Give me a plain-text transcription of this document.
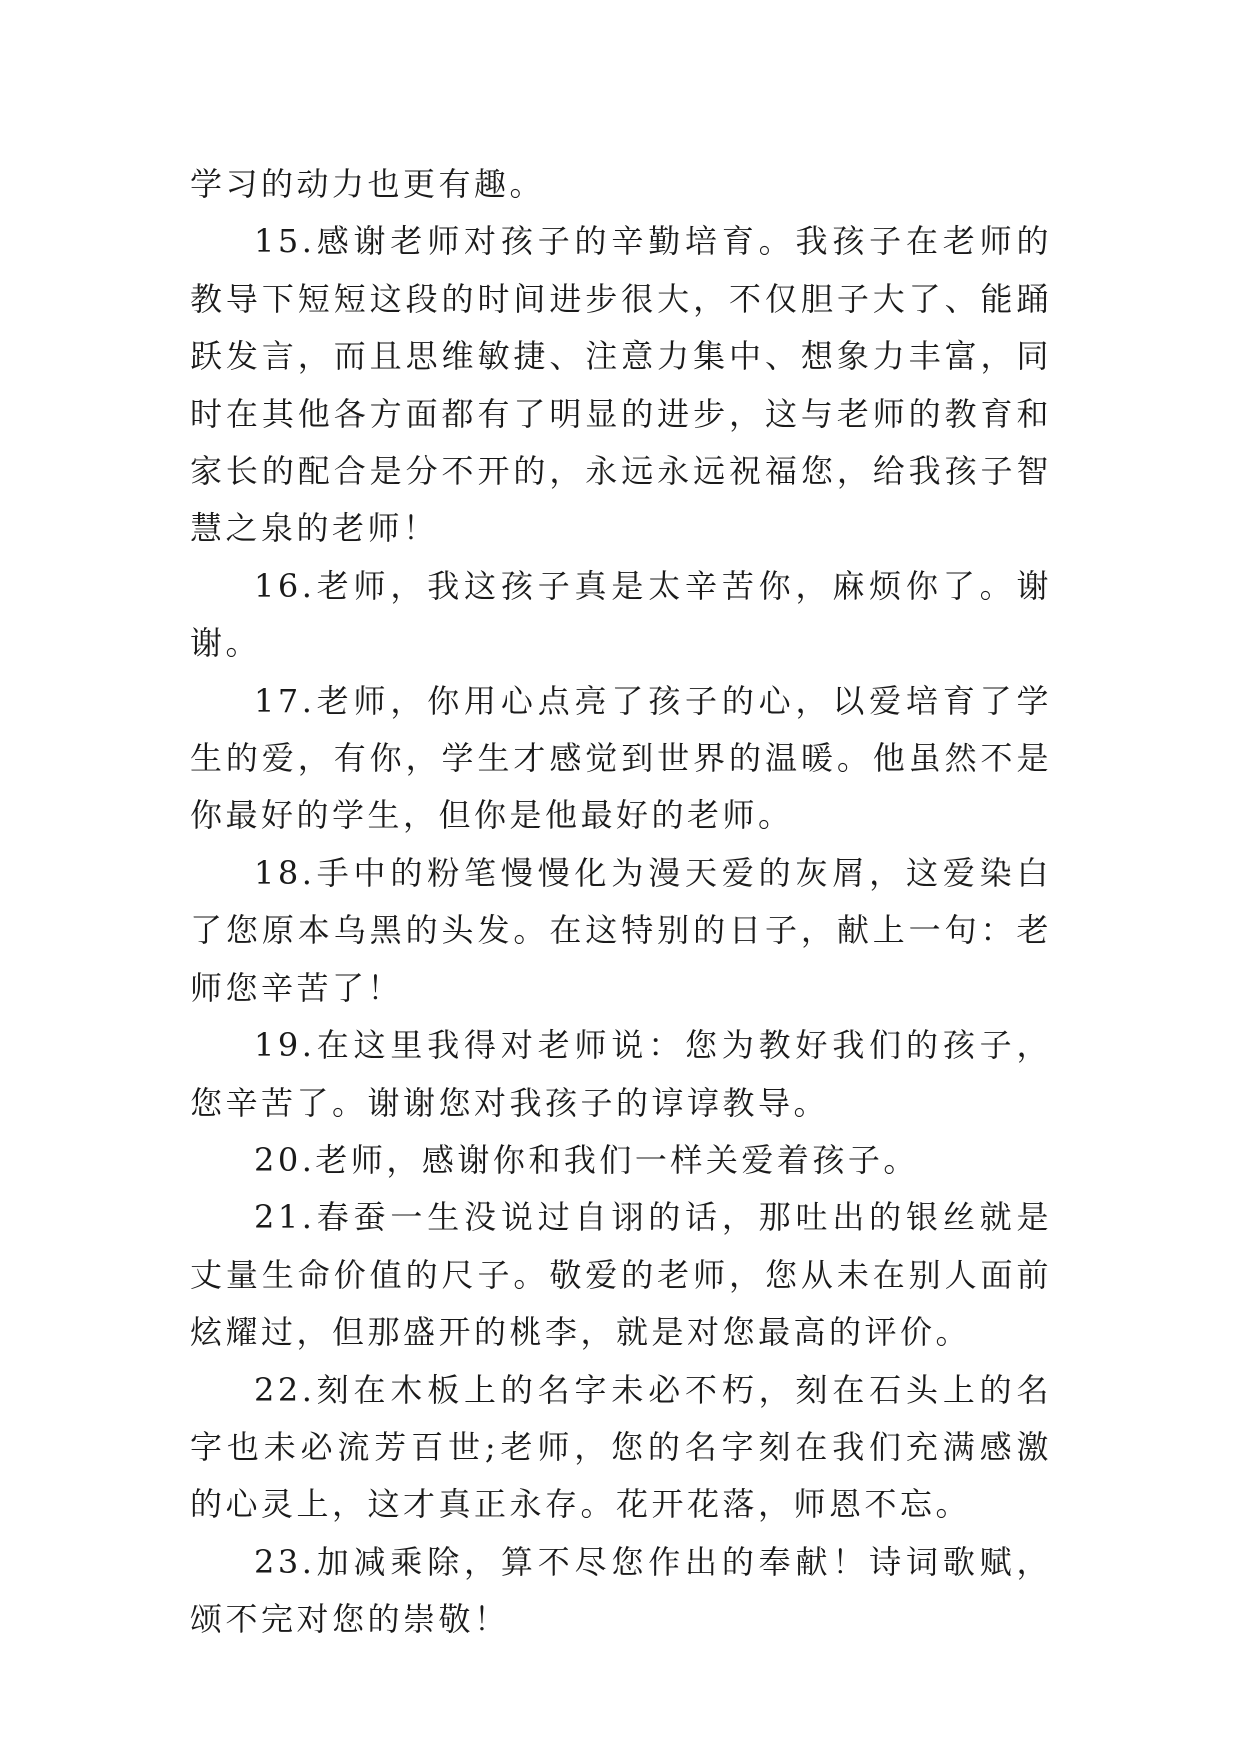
学习的动力也更有趣。

15.感谢老师对孩子的辛勤培育。我孩子在老师的教导下短短这段的时间进步很大，不仅胆子大了、能踊跃发言，而且思维敏捷、注意力集中、想象力丰富，同时在其他各方面都有了明显的进步，这与老师的教育和家长的配合是分不开的，永远永远祝福您，给我孩子智慧之泉的老师！

16.老师，我这孩子真是太辛苦你，麻烦你了。谢谢。

17.老师，你用心点亮了孩子的心，以爱培育了学生的爱，有你，学生才感觉到世界的温暖。他虽然不是你最好的学生，但你是他最好的老师。

18.手中的粉笔慢慢化为漫天爱的灰屑，这爱染白了您原本乌黑的头发。在这特别的日子，献上一句：老师您辛苦了！

19.在这里我得对老师说：您为教好我们的孩子，您辛苦了。谢谢您对我孩子的谆谆教导。

20.老师，感谢你和我们一样关爱着孩子。

21.春蚕一生没说过自诩的话，那吐出的银丝就是丈量生命价值的尺子。敬爱的老师，您从未在别人面前炫耀过，但那盛开的桃李，就是对您最高的评价。

22.刻在木板上的名字未必不朽，刻在石头上的名字也未必流芳百世;老师，您的名字刻在我们充满感激的心灵上，这才真正永存。花开花落，师恩不忘。

23.加减乘除，算不尽您作出的奉献！诗词歌赋，颂不完对您的崇敬！
